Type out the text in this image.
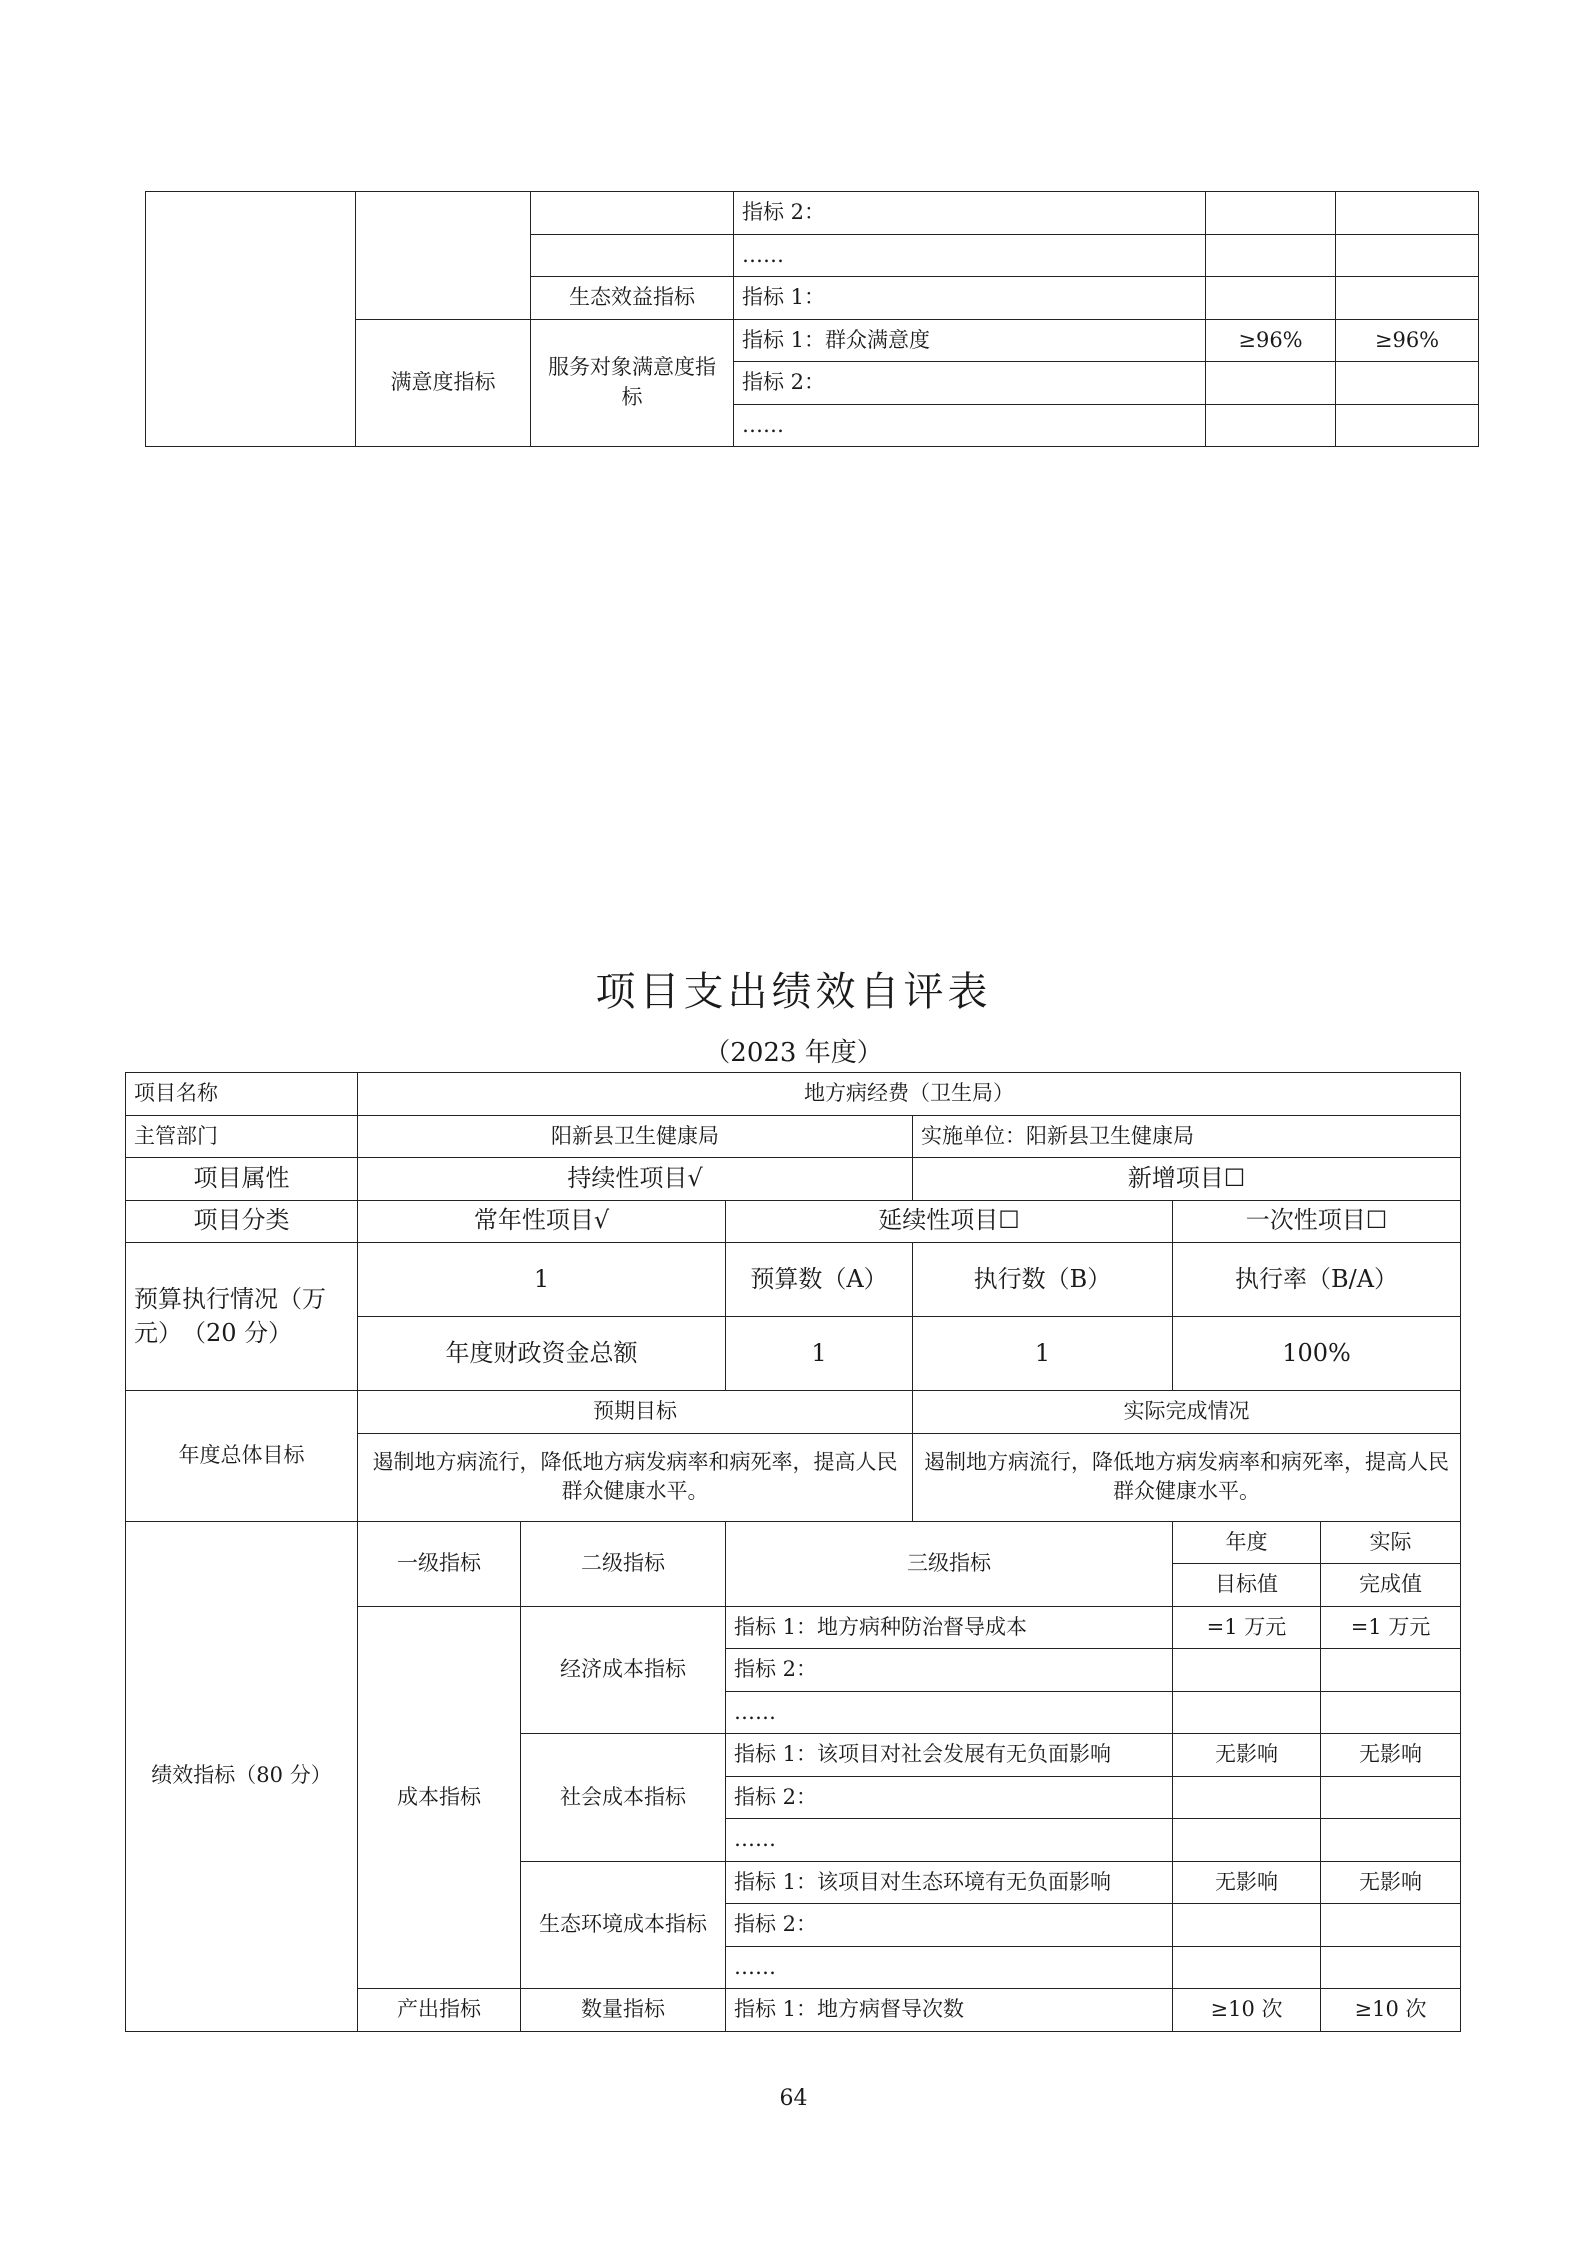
			指标 2：		
			……		
		生态效益指标	指标 1：		
	满意度指标	服务对象满意度指标	指标 1：群众满意度	≥96%	≥96%
			指标 2：		
			……		
项目支出绩效自评表
（2023 年度）
项目名称	地方病经费（卫生局）					
主管部门	阳新县卫生健康局			实施单位：阳新县卫生健康局		
项目属性	持续性项目√			新增项目☐		
项目分类	常年性项目√		延续性项目☐		一次性项目☐	
预算执行情况（万元）　（20 分）	1		预算数（A）	执行数（B）	执行率（B/A）	
	年度财政资金总额		1	1	100%	
年度总体目标	预期目标			实际完成情况		
	遏制地方病流行，降低地方病发病率和病死率，提高人民群众健康水平。			遏制地方病流行，降低地方病发病率和病死率，提高人民群众健康水平。		
绩效指标（80 分）	一级指标	二级指标	三级指标		年度	实际
					目标值	完成值
	成本指标	经济成本指标	指标 1：地方病种防治督导成本		=1 万元	=1 万元
			指标 2：			
			……			
		社会成本指标	指标 1：该项目对社会发展有无负面影响		无影响	无影响
			指标 2：			
			……			
		生态环境成本指标	指标 1：该项目对生态环境有无负面影响		无影响	无影响
			指标 2：			
			……			
	产出指标	数量指标	指标 1：地方病督导次数		≥10 次	≥10 次
64
